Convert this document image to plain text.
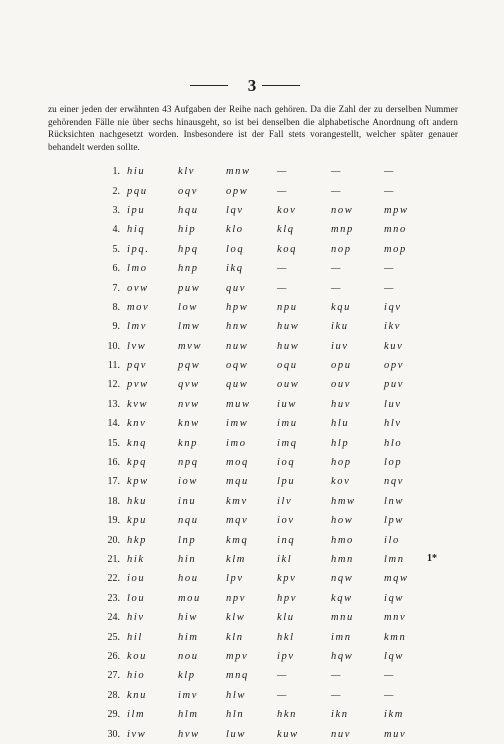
3

zu einer jeden der erwähnten 43 Aufgaben der Reihe nach gehören. Da die Zahl der zu derselben Nummer gehörenden Fälle nie über sechs hinausgeht, so ist bei denselben die alphabetische Anordnung oft andern Rücksichten nachgesetzt worden. Insbesondere ist der Fall stets vorangestellt, welcher später genauer behandelt werden sollte.

1.	hiu	klv	mnw	—	—	—
2.	pqu	oqv	opw	—	—	—
3.	ipu	hqu	lqv	kov	now	mpw
4.	hiq	hip	klo	klq	mnp	mno
5.	ipq.	hpq	loq	koq	nop	mop
6.	lmo	hnp	ikq	—	—	—
7.	ovw	puw	quv	—	—	—
8.	mov	low	hpw	npu	kqu	iqv
9.	lmv	lmw	hnw	huw	iku	ikv
10.	lvw	mvw	nuw	huw	iuv	kuv
11.	pqv	pqw	oqw	oqu	opu	opv
12.	pvw	qvw	quw	ouw	ouv	puv
13.	kvw	nvw	muw	iuw	huv	luv
14.	knv	knw	imw	imu	hlu	hlv
15.	knq	knp	imo	imq	hlp	hlo
16.	kpq	npq	moq	ioq	hop	lop
17.	kpw	iow	mqu	lpu	kov	nqv
18.	hku	inu	kmv	ilv	hmw	lnw
19.	kpu	nqu	mqv	iov	how	lpw
20.	hkp	lnp	kmq	inq	hmo	ilo
21.	hik	hin	klm	ikl	hmn	lmn
22.	iou	hou	lpv	kpv	nqw	mqw
23.	lou	mou	npv	hpv	kqw	iqw
24.	hiv	hiw	klw	klu	mnu	mnv
25.	hil	him	kln	hkl	imn	kmn
26.	kou	nou	mpv	ipv	hqw	lqw
27.	hio	klp	mnq	—	—	—
28.	knu	imv	hlw	—	—	—
29.	ilm	hlm	hln	hkn	ikn	ikm
30.	ivw	hvw	luw	kuw	nuv	muv
1*
